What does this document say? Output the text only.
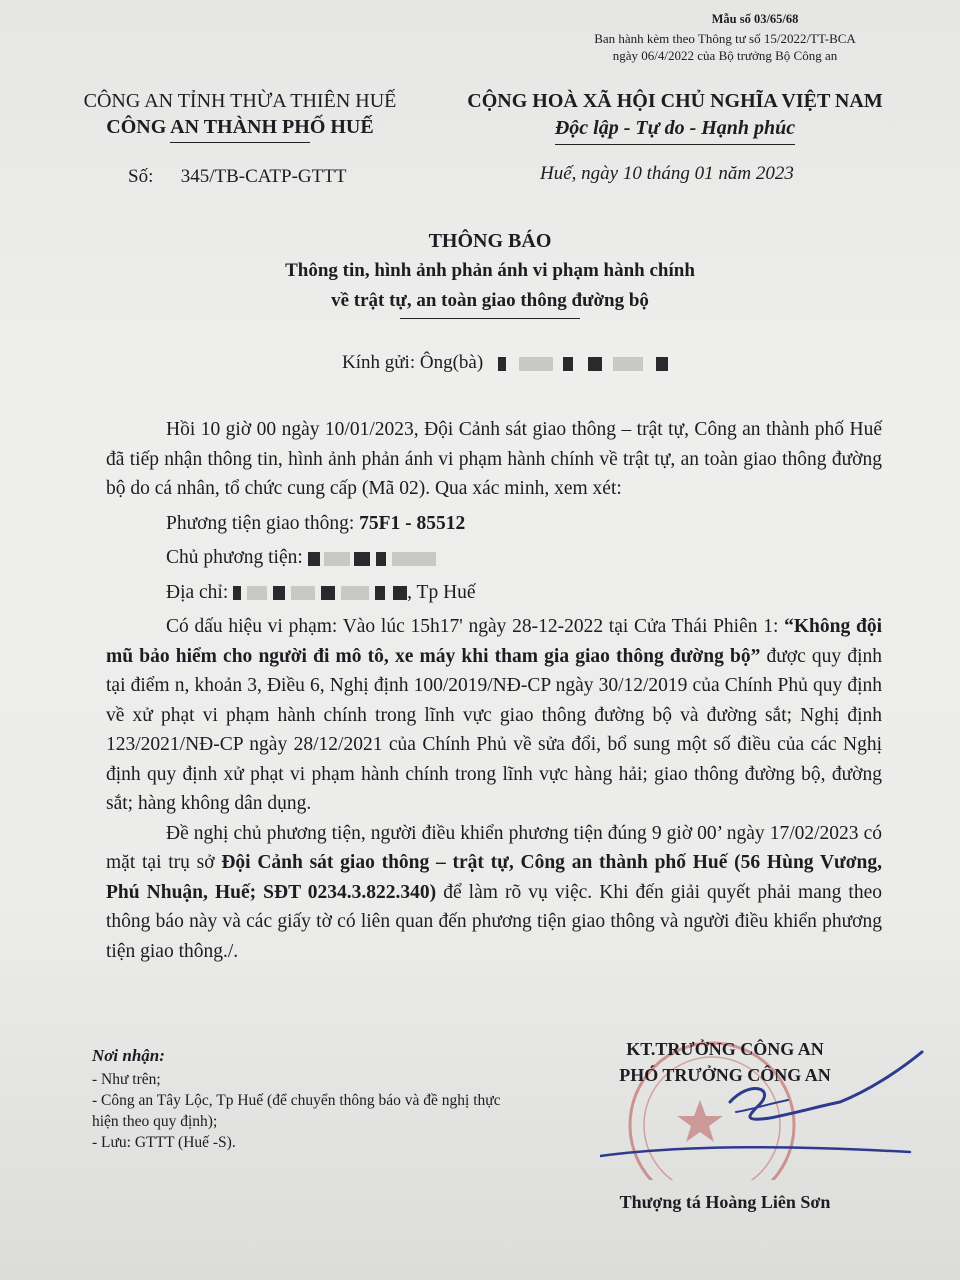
Mẫu số 03/65/68
Ban hành kèm theo Thông tư số 15/2022/TT-BCA
ngày 06/4/2022 của Bộ trưởng Bộ Công an
CÔNG AN TỈNH THỪA THIÊN HUẾ
CÔNG AN THÀNH PHỐ HUẾ
CỘNG HOÀ XÃ HỘI CHỦ NGHĨA VIỆT NAM
Độc lập - Tự do - Hạnh phúc
Số: 345/TB-CATP-GTTT	Huế, ngày 10 tháng 01 năm 2023
THÔNG BÁO
Thông tin, hình ảnh phản ánh vi phạm hành chính
về trật tự, an toàn giao thông đường bộ
Kính gửi: Ông(bà)

Hồi 10 giờ 00 ngày 10/01/2023, Đội Cảnh sát giao thông – trật tự, Công an thành phố Huế đã tiếp nhận thông tin, hình ảnh phản ánh vi phạm hành chính về trật tự, an toàn giao thông đường bộ do cá nhân, tổ chức cung cấp (Mã 02). Qua xác minh, xem xét:

Phương tiện giao thông: 75F1 - 85512

Chủ phương tiện:

Địa chỉ:	, Tp Huế

Có dấu hiệu vi phạm: Vào lúc 15h17' ngày 28-12-2022 tại Cửa Thái Phiên 1: “Không đội mũ bảo hiểm cho người đi mô tô, xe máy khi tham gia giao thông đường bộ” được quy định tại điểm n, khoản 3, Điều 6, Nghị định 100/2019/NĐ-CP ngày 30/12/2019 của Chính Phủ quy định về xử phạt vi phạm hành chính trong lĩnh vực giao thông đường bộ và đường sắt; Nghị định 123/2021/NĐ-CP ngày 28/12/2021 của Chính Phủ về sửa đổi, bổ sung một số điều của các Nghị định quy định xử phạt vi phạm hành chính trong lĩnh vực hàng hải; giao thông đường bộ, đường sắt; hàng không dân dụng.

Đề nghị chủ phương tiện, người điều khiển phương tiện đúng 9 giờ 00’ ngày 17/02/2023 có mặt tại trụ sở Đội Cảnh sát giao thông – trật tự, Công an thành phố Huế (56 Hùng Vương, Phú Nhuận, Huế; SĐT 0234.3.822.340) để làm rõ vụ việc. Khi đến giải quyết phải mang theo thông báo này và các giấy tờ có liên quan đến phương tiện giao thông và người điều khiển phương tiện giao thông./.

Nơi nhận:
- Như trên;
- Công an Tây Lộc, Tp Huế (để chuyển thông báo và đề nghị thực hiện theo quy định);
- Lưu: GTTT (Huế -S).
KT.TRƯỞNG CÔNG AN
PHÓ TRƯỞNG CÔNG AN
Thượng tá Hoàng Liên Sơn
